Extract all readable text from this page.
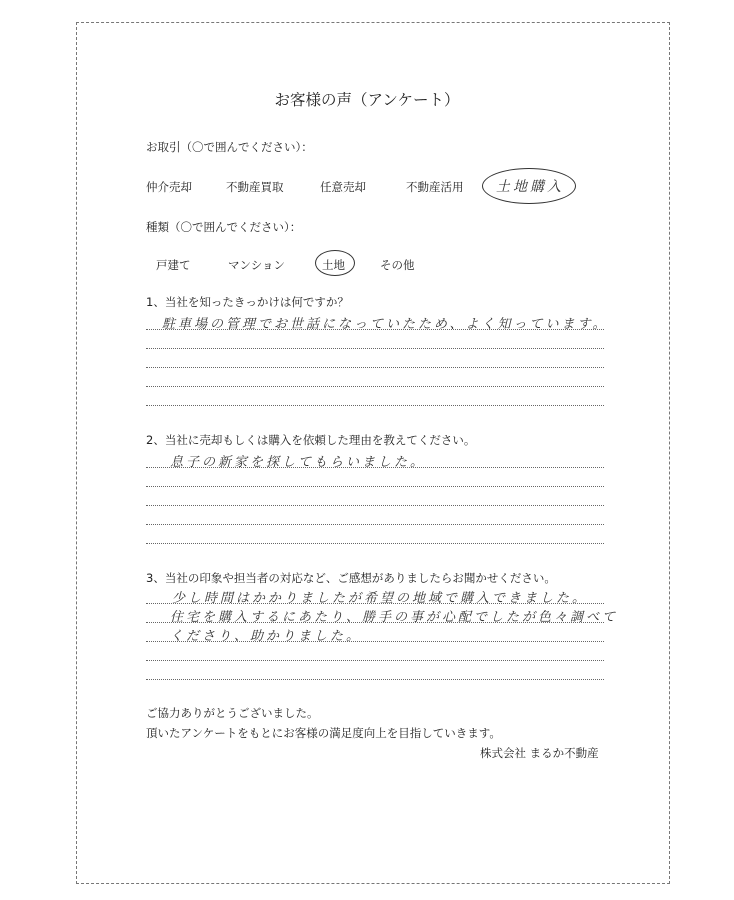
お客様の声（アンケート）
お取引（〇で囲んでください）：
仲介売却	不動産買取	任意売却	不動産活用 土地購入
種類（〇で囲んでください）：
戸建て	マンション	土地	その他
1、当社を知ったきっかけは何ですか？
駐車場の管理でお世話になっていたため、よく知っています。
2、当社に売却もしくは購入を依頼した理由を教えてください。
息子の新家を探してもらいました。
3、当社の印象や担当者の対応など、ご感想がありましたらお聞かせください。
少し時間はかかりましたが希望の地域で購入できました。
住宅を購入するにあたり、勝手の事が心配でしたが色々調べて
くださり、助かりました。
ご協力ありがとうございました。
頂いたアンケートをもとにお客様の満足度向上を目指していきます。
株式会社 まるか不動産
